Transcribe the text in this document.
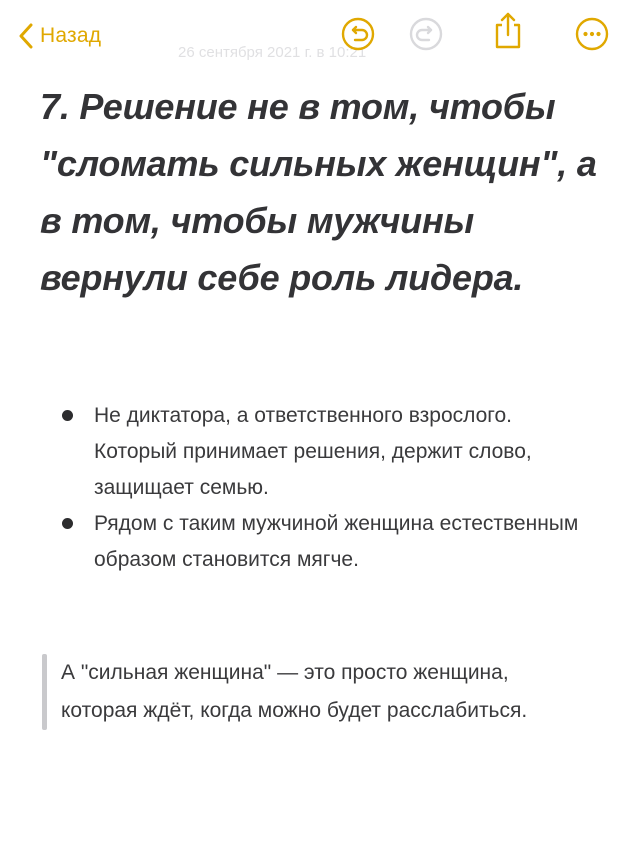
Назад
26 сентября 2021 г. в 10:21
7. Решение не в том, чтобы "сломать сильных женщин", а в том, чтобы мужчины вернули себе роль лидера.
Не диктатора, а ответственного взрослого. Который принимает решения, держит слово, защищает семью.
Рядом с таким мужчиной женщина естественным образом становится мягче.
А "сильная женщина" — это просто женщина, которая ждёт, когда можно будет расслабиться.
